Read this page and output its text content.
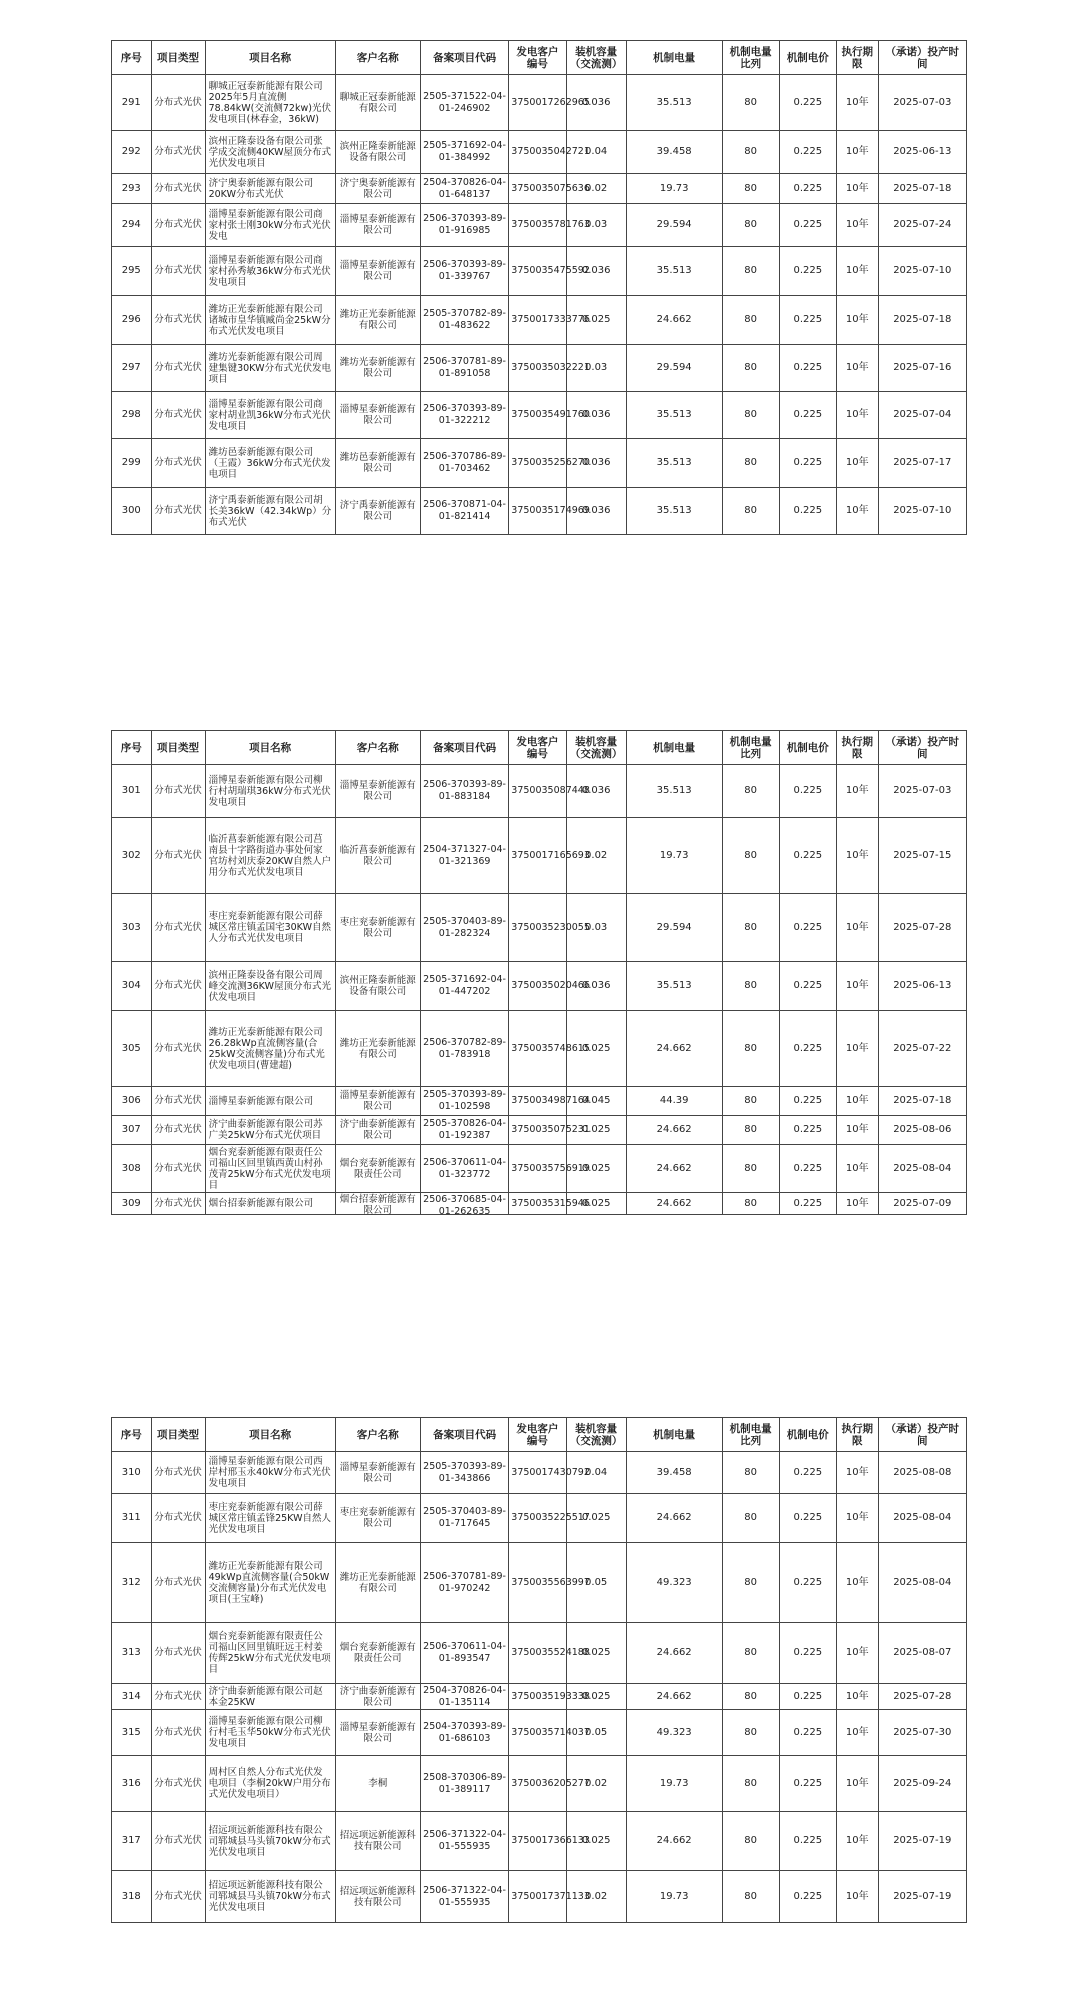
序号	项目类型	项目名称	客户名称	备案项目代码	发电客户编号	装机容量（交流测）	机制电量	机制电量比列	机制电价	执行期限	（承诺）投产时间

291	分布式光伏	聊城正冠泰新能源有限公司2025年5月直流侧78.84kW(交流侧72kw)光伏发电项目(林春金，36kW)	聊城正冠泰新能源有限公司	2505-371522-04-01-246902	3750017262965	0.036	35.513	80	0.225	10年	2025-07-03

292	分布式光伏	滨州正隆泰设备有限公司张学成交流侧40KW屋顶分布式光伏发电项目	滨州正隆泰新能源设备有限公司	2505-371692-04-01-384992	3750035042721	0.04	39.458	80	0.225	10年	2025-06-13

293	分布式光伏	济宁奥泰新能源有限公司20KW分布式光伏	济宁奥泰新能源有限公司	2504-370826-04-01-648137	3750035075636	0.02	19.73	80	0.225	10年	2025-07-18

294	分布式光伏	淄博星泰新能源有限公司商家村张士刚30kW分布式光伏发电	淄博星泰新能源有限公司	2506-370393-89-01-916985	3750035781763	0.03	29.594	80	0.225	10年	2025-07-24

295	分布式光伏	淄博星泰新能源有限公司商家村孙秀敏36kW分布式光伏发电项目	淄博星泰新能源有限公司	2506-370393-89-01-339767	3750035475592	0.036	35.513	80	0.225	10年	2025-07-10

296	分布式光伏	潍坊正光泰新能源有限公司诸城市皇华镇臧尚金25kW分布式光伏发电项目	潍坊正光泰新能源有限公司	2505-370782-89-01-483622	3750017333776	0.025	24.662	80	0.225	10年	2025-07-18

297	分布式光伏	潍坊光泰新能源有限公司周建集键30KW分布式光伏发电项目	潍坊光泰新能源有限公司	2506-370781-89-01-891058	3750035032221	0.03	29.594	80	0.225	10年	2025-07-16

298	分布式光伏	淄博星泰新能源有限公司商家村胡业凯36kW分布式光伏发电项目	淄博星泰新能源有限公司	2506-370393-89-01-322212	3750035491760	0.036	35.513	80	0.225	10年	2025-07-04

299	分布式光伏	潍坊邑泰新能源有限公司（王霞）36kW分布式光伏发电项目	潍坊邑泰新能源有限公司	2506-370786-89-01-703462	3750035256270	0.036	35.513	80	0.225	10年	2025-07-17

300	分布式光伏	济宁禹泰新能源有限公司胡长美36kW（42.34kWp）分布式光伏	济宁禹泰新能源有限公司	2506-370871-04-01-821414	3750035174969	0.036	35.513	80	0.225	10年	2025-07-10
序号	项目类型	项目名称	客户名称	备案项目代码	发电客户编号	装机容量（交流测）	机制电量	机制电量比列	机制电价	执行期限	（承诺）投产时间

301	分布式光伏	淄博星泰新能源有限公司柳行村胡瑞琪36kW分布式光伏发电项目	淄博星泰新能源有限公司	2506-370393-89-01-883184	3750035087448	0.036	35.513	80	0.225	10年	2025-07-03

302	分布式光伏	临沂菖泰新能源有限公司莒南县十字路街道办事处何家官坊村刘庆泰20KW自然人户用分布式光伏发电项目	临沂菖泰新能源有限公司	2504-371327-04-01-321369	3750017165693	0.02	19.73	80	0.225	10年	2025-07-15

303	分布式光伏	枣庄兖泰新能源有限公司薛城区常庄镇孟国宅30KW自然人分布式光伏发电项目	枣庄兖泰新能源有限公司	2505-370403-89-01-282324	3750035230055	0.03	29.594	80	0.225	10年	2025-07-28

304	分布式光伏	滨州正隆泰设备有限公司周峰交流测36KW屋顶分布式光伏发电项目	滨州正隆泰新能源设备有限公司	2505-371692-04-01-447202	3750035020466	0.036	35.513	80	0.225	10年	2025-06-13

305	分布式光伏	潍坊正光泰新能源有限公司26.28kWp直流侧容量(合25kW交流侧容量)分布式光伏发电项目(曹建超)	潍坊正光泰新能源有限公司	2506-370782-89-01-783918	3750035748615	0.025	24.662	80	0.225	10年	2025-07-22

306	分布式光伏	淄博星泰新能源有限公司	淄博星泰新能源有限公司	2505-370393-89-01-102598	3750034987164	0.045	44.39	80	0.225	10年	2025-07-18

307	分布式光伏	济宁曲泰新能源有限公司苏广美25kW分布式光伏项目	济宁曲泰新能源有限公司	2505-370826-04-01-192387	3750035075231	0.025	24.662	80	0.225	10年	2025-08-06

308	分布式光伏	烟台兖泰新能源有限责任公司福山区回里镇西黄山村孙茂青25kW分布式光伏发电项目	烟台兖泰新能源有限责任公司	2506-370611-04-01-323772	3750035756919	0.025	24.662	80	0.225	10年	2025-08-04

309	分布式光伏	烟台招泰新能源有限公司	烟台招泰新能源有限公司	2506-370685-04-01-262635	3750035315946	0.025	24.662	80	0.225	10年	2025-07-09
序号	项目类型	项目名称	客户名称	备案项目代码	发电客户编号	装机容量（交流测）	机制电量	机制电量比列	机制电价	执行期限	（承诺）投产时间

310	分布式光伏	淄博星泰新能源有限公司西岸村邢玉永40kW分布式光伏发电项目	淄博星泰新能源有限公司	2505-370393-89-01-343866	3750017430792	0.04	39.458	80	0.225	10年	2025-08-08

311	分布式光伏	枣庄兖泰新能源有限公司薛城区常庄镇孟锋25KW自然人光伏发电项目	枣庄兖泰新能源有限公司	2505-370403-89-01-717645	3750035225517	0.025	24.662	80	0.225	10年	2025-08-04

312	分布式光伏	潍坊正光泰新能源有限公司49kWp直流侧容量(合50kW交流侧容量)分布式光伏发电项目(王宝峰)	潍坊正光泰新能源有限公司	2506-370781-89-01-970242	3750035563997	0.05	49.323	80	0.225	10年	2025-08-04

313	分布式光伏	烟台兖泰新能源有限责任公司福山区回里镇旺远王村姜传辉25kW分布式光伏发电项目	烟台兖泰新能源有限责任公司	2506-370611-04-01-893547	3750035524188	0.025	24.662	80	0.225	10年	2025-08-07

314	分布式光伏	济宁曲泰新能源有限公司赵本金25KW	济宁曲泰新能源有限公司	2504-370826-04-01-135114	3750035193338	0.025	24.662	80	0.225	10年	2025-07-28

315	分布式光伏	淄博星泰新能源有限公司柳行村毛玉华50kW分布式光伏发电项目	淄博星泰新能源有限公司	2504-370393-89-01-686103	3750035714037	0.05	49.323	80	0.225	10年	2025-07-30

316	分布式光伏	周村区自然人分布式光伏发电项目（李桐20kW户用分布式光伏发电项目）	李桐	2508-370306-89-01-389117	3750036205277	0.02	19.73	80	0.225	10年	2025-09-24

317	分布式光伏	招远项远新能源科技有限公司郓城县马头镇70kW分布式光伏发电项目	招远项远新能源科技有限公司	2506-371322-04-01-555935	3750017366133	0.025	24.662	80	0.225	10年	2025-07-19

318	分布式光伏	招远项远新能源科技有限公司郓城县马头镇70kW分布式光伏发电项目	招远项远新能源科技有限公司	2506-371322-04-01-555935	3750017371133	0.02	19.73	80	0.225	10年	2025-07-19
